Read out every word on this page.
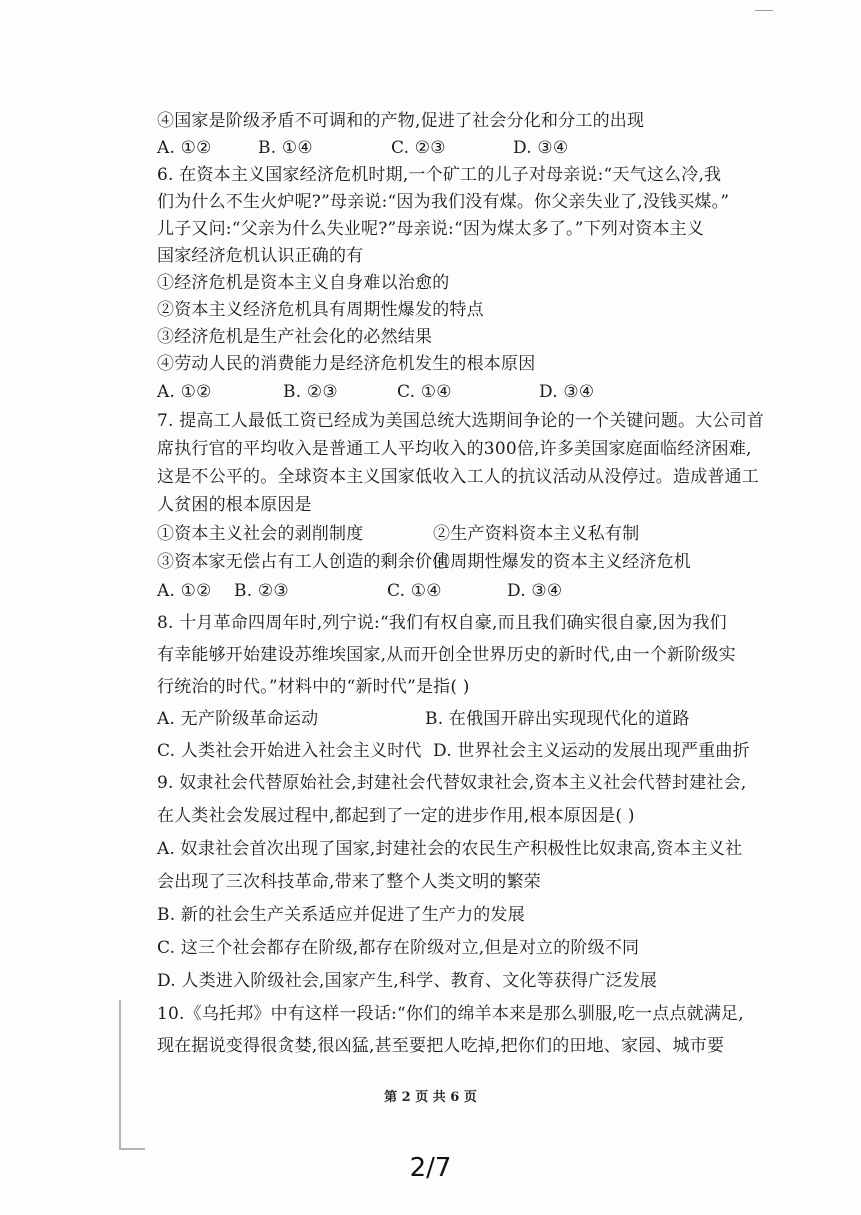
④国家是阶级矛盾不可调和的产物,促进了社会分化和分工的出现
A. ①②	B. ①④	C. ②③	D. ③④
6. 在资本主义国家经济危机时期,一个矿工的儿子对母亲说:“天气这么冷,我
们为什么不生火炉呢?”母亲说:“因为我们没有煤。你父亲失业了,没钱买煤。”
儿子又问:“父亲为什么失业呢?”母亲说:“因为煤太多了。”下列对资本主义
国家经济危机认识正确的有
①经济危机是资本主义自身难以治愈的
②资本主义经济危机具有周期性爆发的特点
③经济危机是生产社会化的必然结果
④劳动人民的消费能力是经济危机发生的根本原因
A. ①②	B. ②③	C. ①④	D. ③④
7. 提高工人最低工资已经成为美国总统大选期间争论的一个关键问题。大公司首
席执行官的平均收入是普通工人平均收入的300倍,许多美国家庭面临经济困难,
这是不公平的。全球资本主义国家低收入工人的抗议活动从没停过。造成普通工
人贫困的根本原因是
①资本主义社会的剥削制度	②生产资料资本主义私有制
③资本家无偿占有工人创造的剩余价值
④周期性爆发的资本主义经济危机
A. ①② B. ②③	C. ①④	D. ③④
8. 十月革命四周年时,列宁说:“我们有权自豪,而且我们确实很自豪,因为我们
有幸能够开始建设苏维埃国家,从而开创全世界历史的新时代,由一个新阶级实
行统治的时代。”材料中的“新时代”是指( )
A. 无产阶级革命运动	B. 在俄国开辟出实现现代化的道路
C. 人类社会开始进入社会主义时代 D. 世界社会主义运动的发展出现严重曲折
9. 奴隶社会代替原始社会,封建社会代替奴隶社会,资本主义社会代替封建社会,
在人类社会发展过程中,都起到了一定的进步作用,根本原因是( )
A. 奴隶社会首次出现了国家,封建社会的农民生产积极性比奴隶高,资本主义社
会出现了三次科技革命,带来了整个人类文明的繁荣
B. 新的社会生产关系适应并促进了生产力的发展
C. 这三个社会都存在阶级,都存在阶级对立,但是对立的阶级不同
D. 人类进入阶级社会,国家产生,科学、教育、文化等获得广泛发展
10.《乌托邦》中有这样一段话:“你们的绵羊本来是那么驯服,吃一点点就满足,
现在据说变得很贪婪,很凶猛,甚至要把人吃掉,把你们的田地、家园、城市要
第 2 页 共 6 页
2/7
